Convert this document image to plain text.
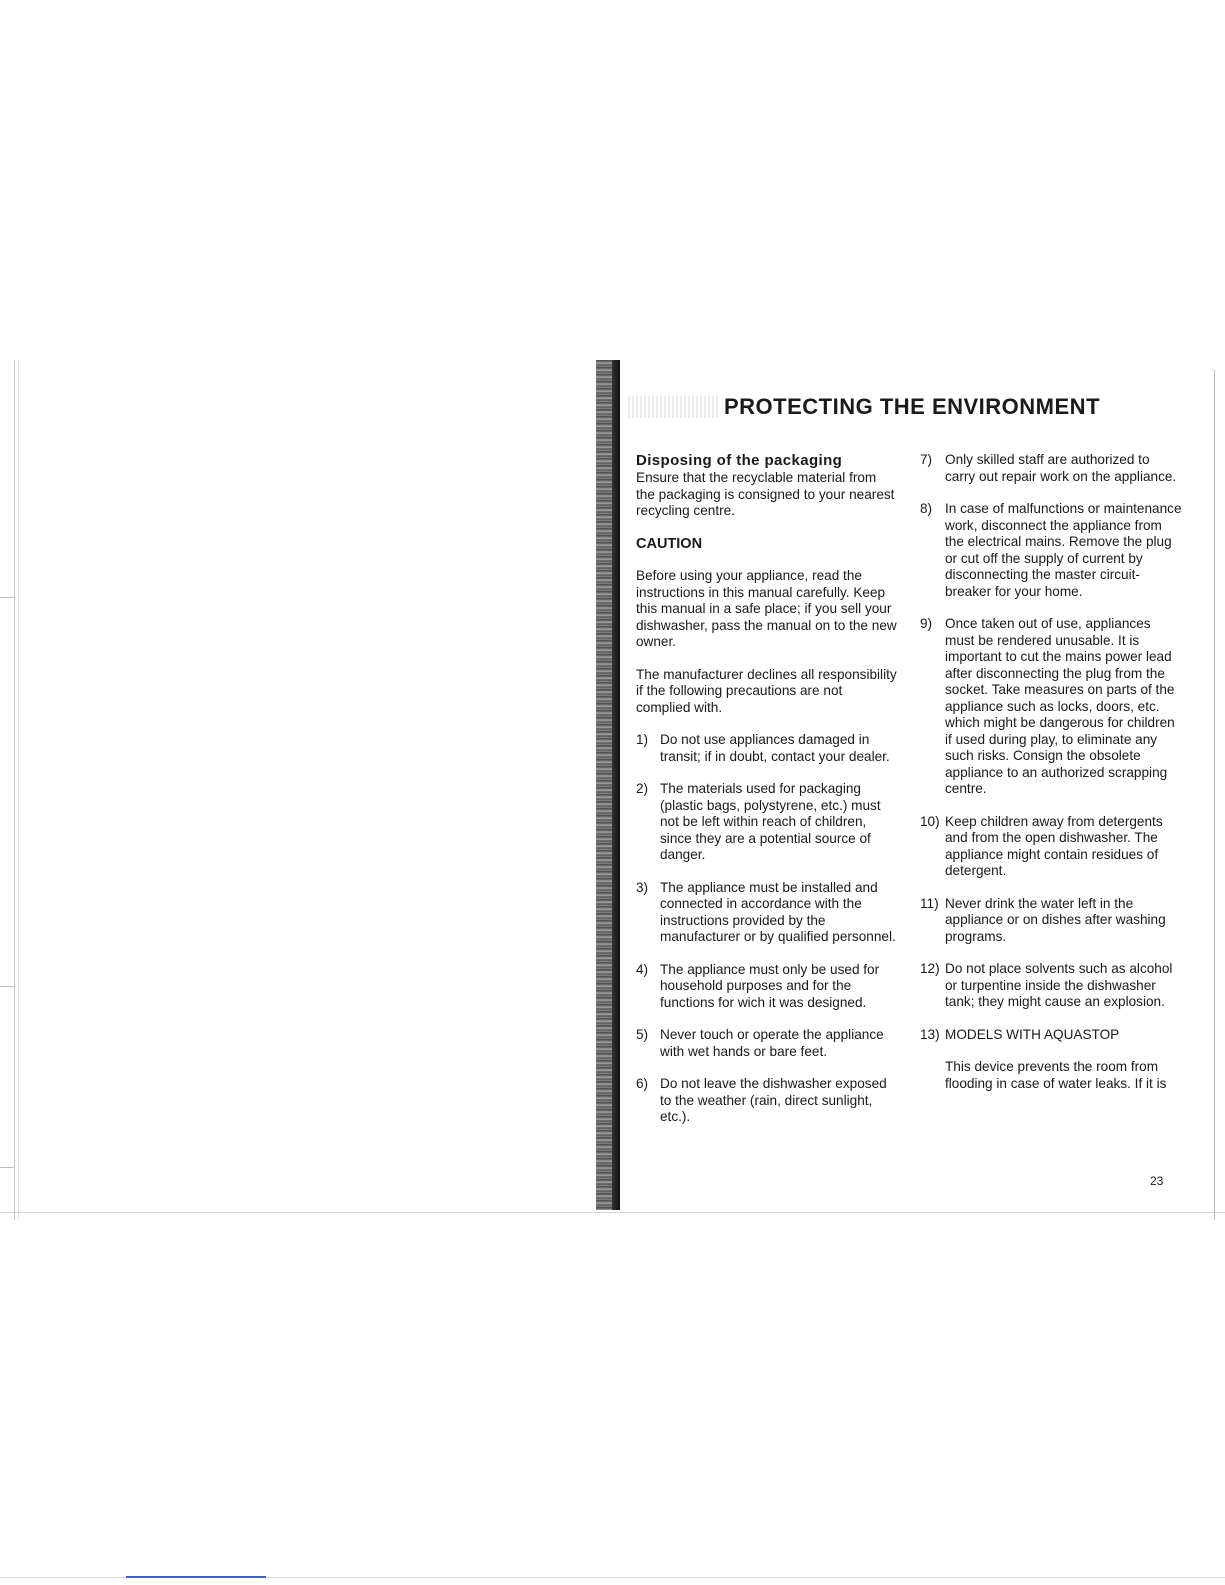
PROTECTING THE ENVIRONMENT
Disposing of the packaging

Ensure that the recyclable material from the packaging is consigned to your nearest recycling centre.

CAUTION

Before using your appliance, read the instructions in this manual carefully. Keep this manual in a safe place; if you sell your dishwasher, pass the manual on to the new owner.

The manufacturer declines all responsibility if the following precautions are not complied with.

1) Do not use appliances damaged in transit; if in doubt, contact your dealer.
2) The materials used for packaging (plastic bags, polystyrene, etc.) must not be left within reach of children, since they are a potential source of danger.
3) The appliance must be installed and connected in accordance with the instructions provided by the manufacturer or by qualified personnel.
4) The appliance must only be used for household purposes and for the functions for wich it was designed.
5) Never touch or operate the appliance with wet hands or bare feet.
6) Do not leave the dishwasher exposed to the weather (rain, direct sunlight, etc.).
7) Only skilled staff are authorized to carry out repair work on the appliance.
8) In case of malfunctions or maintenance work, disconnect the appliance from the electrical mains. Remove the plug or cut off the supply of current by disconnecting the master circuit-breaker for your home.
9) Once taken out of use, appliances must be rendered unusable. It is important to cut the mains power lead after disconnecting the plug from the socket. Take measures on parts of the appliance such as locks, doors, etc. which might be dangerous for children if used during play, to eliminate any such risks. Consign the obsolete appliance to an authorized scrapping centre.
10) Keep children away from detergents and from the open dishwasher. The appliance might contain residues of detergent.
11) Never drink the water left in the appliance or on dishes after washing programs.
12) Do not place solvents such as alcohol or turpentine inside the dishwasher tank; they might cause an explosion.
13) MODELS WITH AQUASTOP

This device prevents the room from flooding in case of water leaks. If it is

23
